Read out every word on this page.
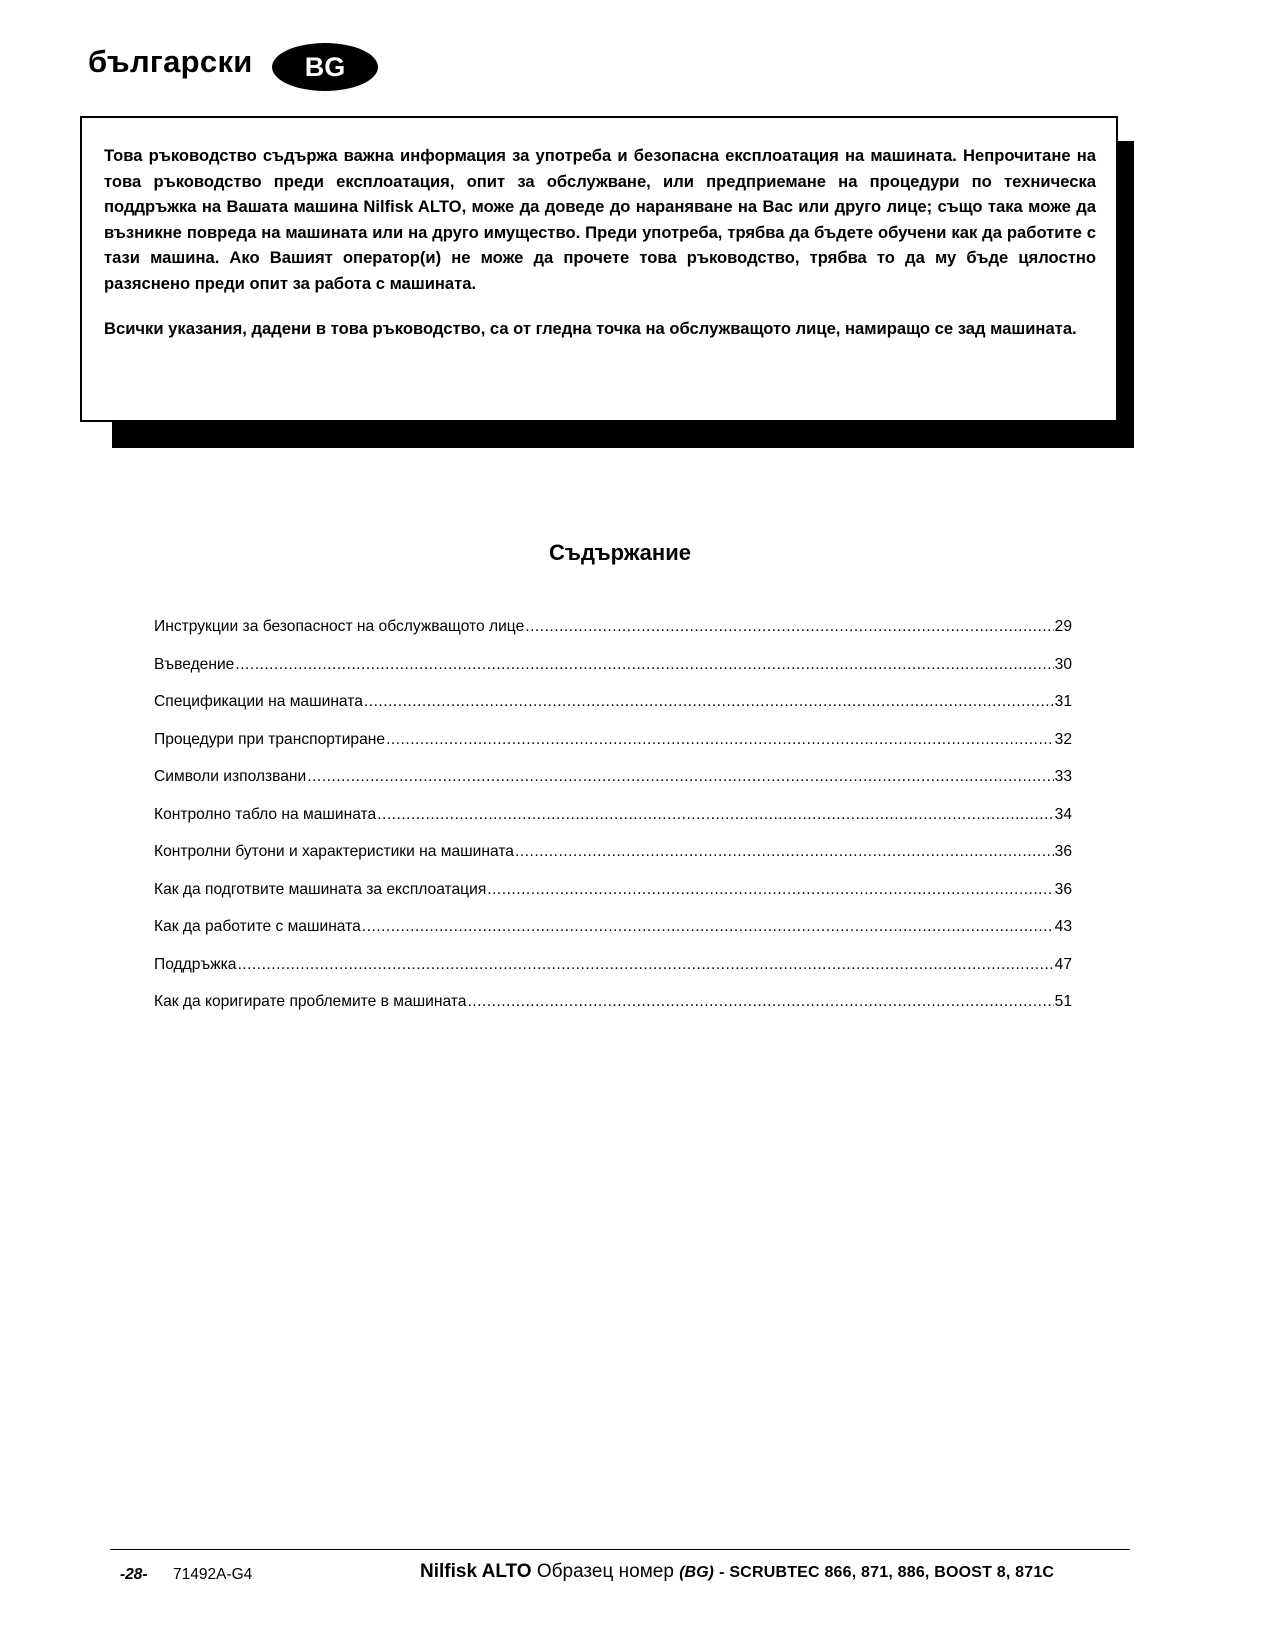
български	BG

Това ръководство съдържа важна информация за употреба и безопасна експлоатация на машината. Непрочитане на това ръководство преди експлоатация, опит за обслужване, или предприемане на процедури по техническа поддръжка на Вашата машина Nilfisk ALTO, може да доведе до нараняване на Вас или друго лице; също така може да възникне повреда на машината или на друго имущество. Преди употреба, трябва да бъдете обучени как да работите с тази машина. Ако Вашият оператор(и) не може да прочете това ръководство, трябва то да му бъде цялостно разяснено преди опит за работа с машината.

Всички указания, дадени в това ръководство, са от гледна точка на обслужващото лице, намиращо се зад машината.

Съдържание
Инструкции за безопасност на обслужващото лице .....	29
Въведение .....	30
Спецификации на машината .....	31
Процедури при транспортиране .....	32
Символи използвани .....	33
Контролно табло на машината .....	34
Контролни бутони и характеристики на машината .....	36
Как да подготвите машината за експлоатация .....	36
Как да работите с машината .....	43
Поддръжка .....	47
Как да коригирате проблемите в машината .....	51
-28- 71492A-G4	Nilfisk ALTO Образец номер (BG) - SCRUBTEC 866, 871, 886, BOOST 8, 871C
